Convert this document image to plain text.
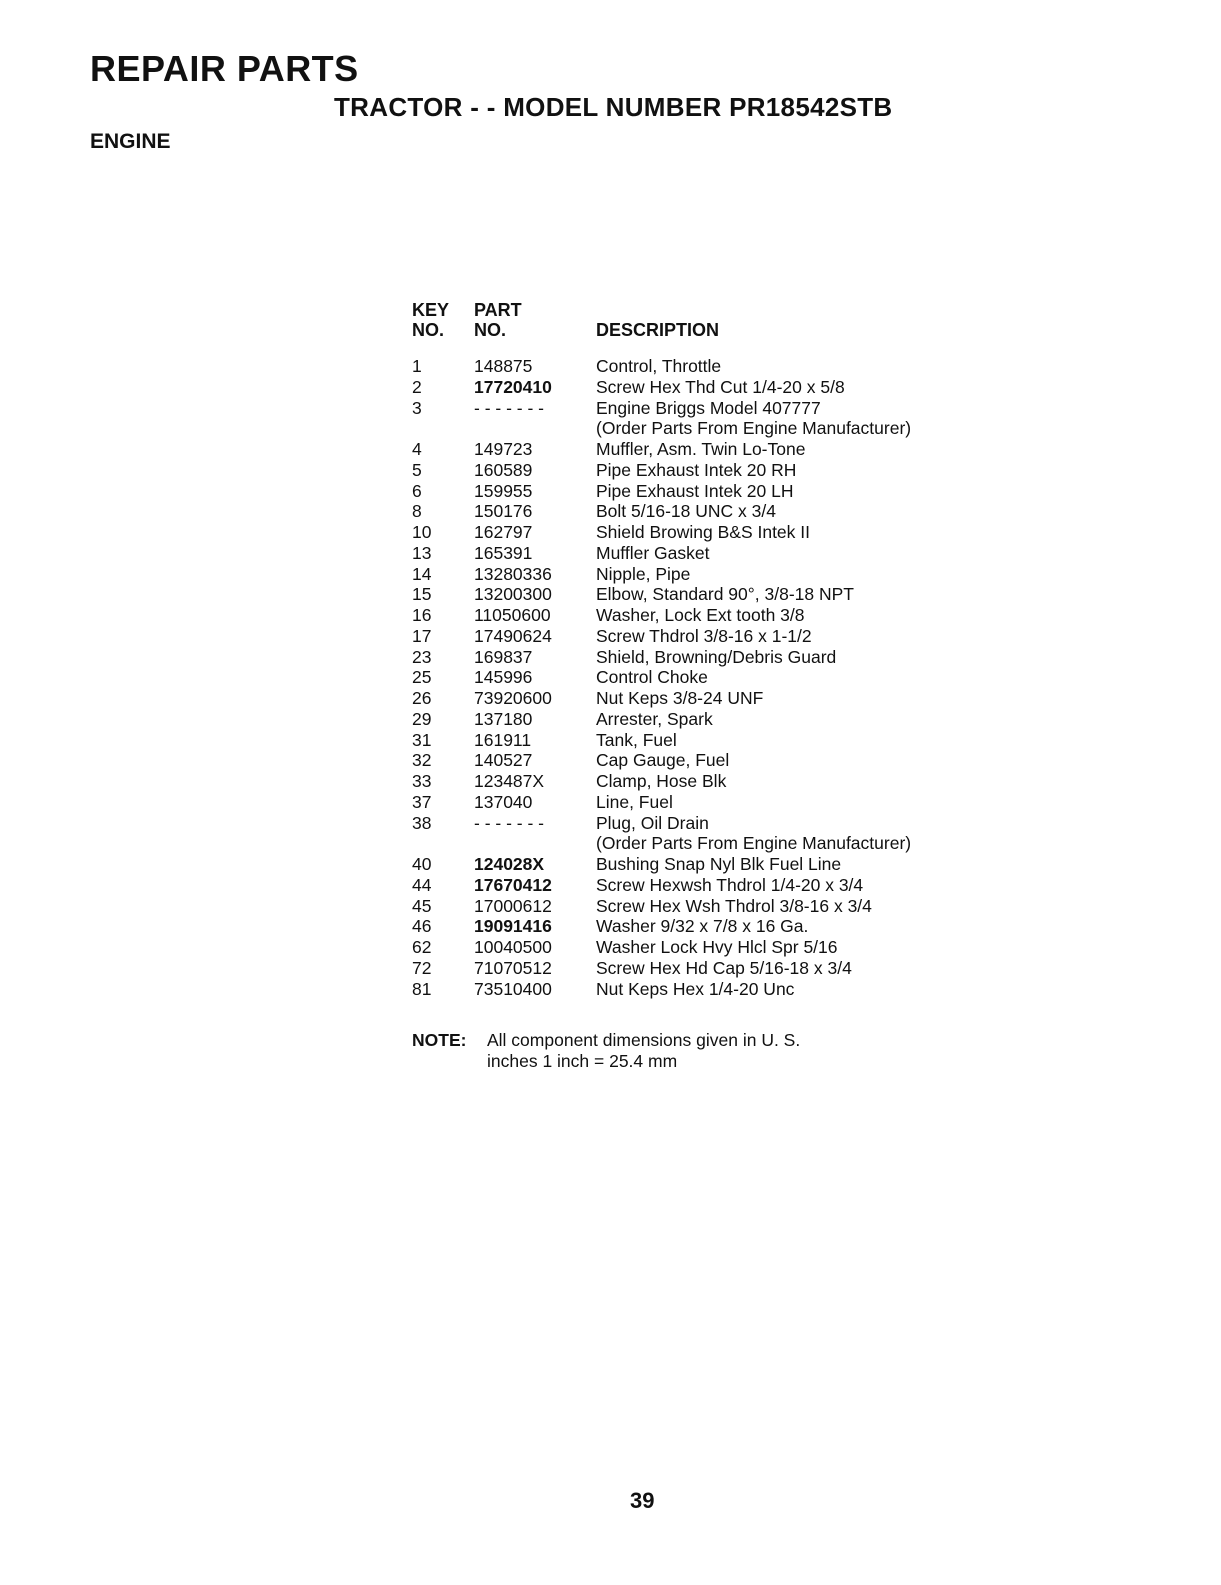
REPAIR PARTS
TRACTOR - - MODEL NUMBER PR18542STB
ENGINE
KEY
NO.
PART
NO.	DESCRIPTION
1	148875	Control, Throttle
2	17720410	Screw Hex Thd Cut 1/4-20 x 5/8
3	- - - - - - -	Engine Briggs Model 407777
(Order Parts From Engine Manufacturer)
4	149723	Muffler, Asm. Twin Lo-Tone
5	160589	Pipe Exhaust Intek 20 RH
6	159955	Pipe Exhaust Intek 20 LH
8	150176	Bolt 5/16-18 UNC x 3/4
10 162797	Shield Browing B&S Intek II
13 165391	Muffler Gasket
14 13280336	Nipple, Pipe
15 13200300	Elbow, Standard 90°, 3/8-18 NPT
16 11050600	Washer, Lock Ext tooth 3/8
17 17490624	Screw Thdrol 3/8-16 x 1-1/2
23 169837	Shield, Browning/Debris Guard
25 145996	Control Choke
26 73920600	Nut Keps 3/8-24 UNF
29 137180	Arrester, Spark
31 161911	Tank, Fuel
32 140527	Cap Gauge, Fuel
33 123487X	Clamp, Hose Blk
37 137040	Line, Fuel
38 - - - - - - -	Plug, Oil Drain
(Order Parts From Engine Manufacturer)
40 124028X	Bushing Snap Nyl Blk Fuel Line
44 17670412	Screw Hexwsh Thdrol 1/4-20 x 3/4
45 17000612	Screw Hex Wsh Thdrol 3/8-16 x 3/4
46 19091416	Washer 9/32 x 7/8 x 16 Ga.
62 10040500	Washer Lock Hvy Hlcl Spr 5/16
72 71070512	Screw Hex Hd Cap 5/16-18 x 3/4
81 73510400	Nut Keps Hex 1/4-20 Unc
NOTE: All component dimensions given in U. S.
inches 1 inch = 25.4 mm
39
